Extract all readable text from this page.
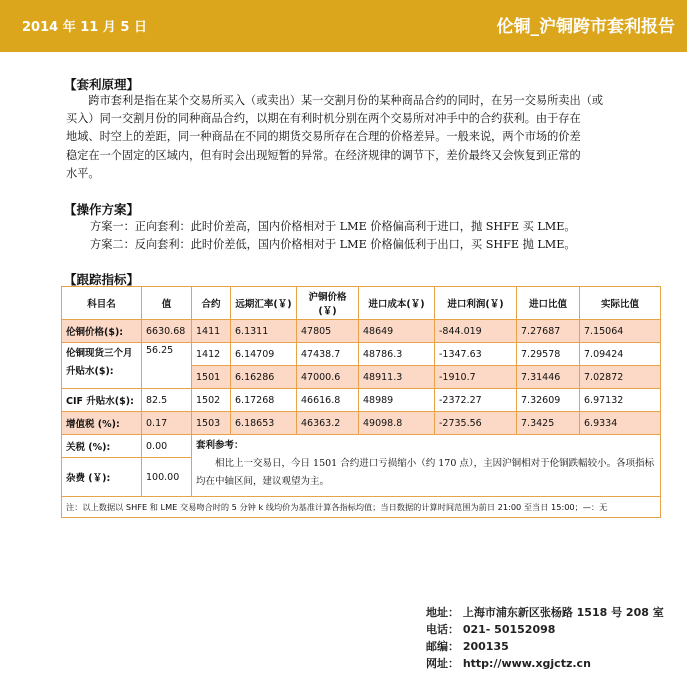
2014 年 11 月 5 日	伦铜_沪铜跨市套利报告
【套利原理】
　　跨市套利是指在某个交易所买入（或卖出）某一交割月份的某种商品合约的同时，在另一交易所卖出（或
买入）同一交割月份的同种商品合约，以期在有利时机分别在两个交易所对冲手中的合约获利。由于存在
地域、时空上的差距，同一种商品在不同的期货交易所存在合理的价格差异。一般来说，两个市场的价差
稳定在一个固定的区域内，但有时会出现短暂的异常。在经济规律的调节下，差价最终又会恢复到正常的
水平。
【操作方案】
方案一：正向套利：此时价差高，国内价格相对于 LME 价格偏高利于进口，抛 SHFE 买 LME。
方案二：反向套利：此时价差低，国内价格相对于 LME 价格偏低利于出口，买 SHFE 抛 LME。
【跟踪指标】
科目名	值	合约	远期汇率(￥)	沪铜价格(￥)	进口成本(￥)	进口利润(￥)	进口比值	实际比值
伦铜价格($):	6630.68	1411	6.1311	47805	48649	-844.019	7.27687	7.15064
伦铜现货三个月升贴水($):	56.25	1412	6.14709	47438.7	48786.3	-1347.63	7.29578	7.09424
		1501	6.16286	47000.6	48911.3	-1910.7	7.31446	7.02872
CIF 升贴水($):	82.5	1502	6.17268	46616.8	48989	-2372.27	7.32609	6.97132
增值税 (%):	0.17	1503	6.18653	46363.2	49098.8	-2735.56	7.3425	6.9334
关税 (%):	0.00	套利参考：
相比上一交易日，今日 1501 合约进口亏损缩小（约 170 点），主因沪铜相对于伦铜跌幅较小。各项指标均在中轴区间，建议观望为主。						

杂费 (￥):	100.00							
注：以上数据以 SHFE 和 LME 交易吻合时的 5 分钟 k 线均价为基准计算各指标均值；当日数据的计算时间范围为前日 21:00 至当日 15:00；—：无								
地址： 上海市浦东新区张杨路 1518 号 208 室
电话： 021- 50152098
邮编： 200135
网址： http://www.xgjctz.cn
